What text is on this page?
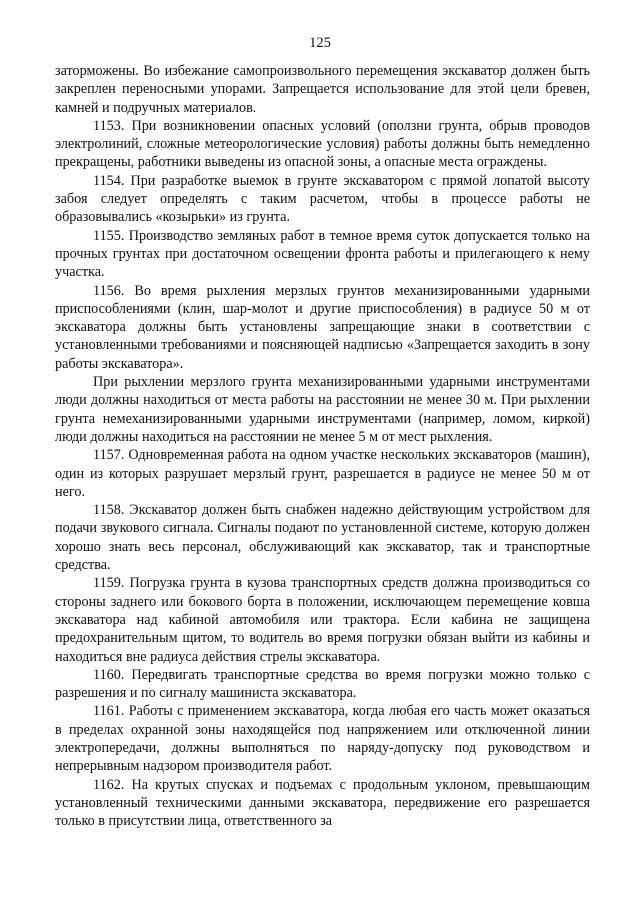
125

заторможены. Во избежание самопроизвольного перемещения экскаватор должен быть закреплен переносными упорами. Запрещается использование для этой цели бревен, камней и подручных материалов.

1153. При возникновении опасных условий (оползни грунта, обрыв проводов электролиний, сложные метеорологические условия) работы должны быть немедленно прекращены, работники выведены из опасной зоны, а опасные места ограждены.

1154. При разработке выемок в грунте экскаватором с прямой лопатой высоту забоя следует определять с таким расчетом, чтобы в процессе работы не образовывались «козырьки» из грунта.

1155. Производство земляных работ в темное время суток допускается только на прочных грунтах при достаточном освещении фронта работы и прилегающего к нему участка.

1156. Во время рыхления мерзлых грунтов механизированными ударными приспособлениями (клин, шар-молот и другие приспособления) в радиусе 50 м от экскаватора должны быть установлены запрещающие знаки в соответствии с установленными требованиями и поясняющей надписью «Запрещается заходить в зону работы экскаватора».

При рыхлении мерзлого грунта механизированными ударными инструментами люди должны находиться от места работы на расстоянии не менее 30 м. При рыхлении грунта немеханизированными ударными инструментами (например, ломом, киркой) люди должны находиться на расстоянии не менее 5 м от мест рыхления.

1157. Одновременная работа на одном участке нескольких экскаваторов (машин), один из которых разрушает мерзлый грунт, разрешается в радиусе не менее 50 м от него.

1158. Экскаватор должен быть снабжен надежно действующим устройством для подачи звукового сигнала. Сигналы подают по установленной системе, которую должен хорошо знать весь персонал, обслуживающий как экскаватор, так и транспортные средства.

1159. Погрузка грунта в кузова транспортных средств должна производиться со стороны заднего или бокового борта в положении, исключающем перемещение ковша экскаватора над кабиной автомобиля или трактора. Если кабина не защищена предохранительным щитом, то водитель во время погрузки обязан выйти из кабины и находиться вне радиуса действия стрелы экскаватора.

1160. Передвигать транспортные средства во время погрузки можно только с разрешения и по сигналу машиниста экскаватора.

1161. Работы с применением экскаватора, когда любая его часть может оказаться в пределах охранной зоны находящейся под напряжением или отключенной линии электропередачи, должны выполняться по наряду-допуску под руководством и непрерывным надзором производителя работ.

1162. На крутых спусках и подъемах с продольным уклоном, превышающим установленный техническими данными экскаватора, передвижение его разрешается только в присутствии лица, ответственного за
